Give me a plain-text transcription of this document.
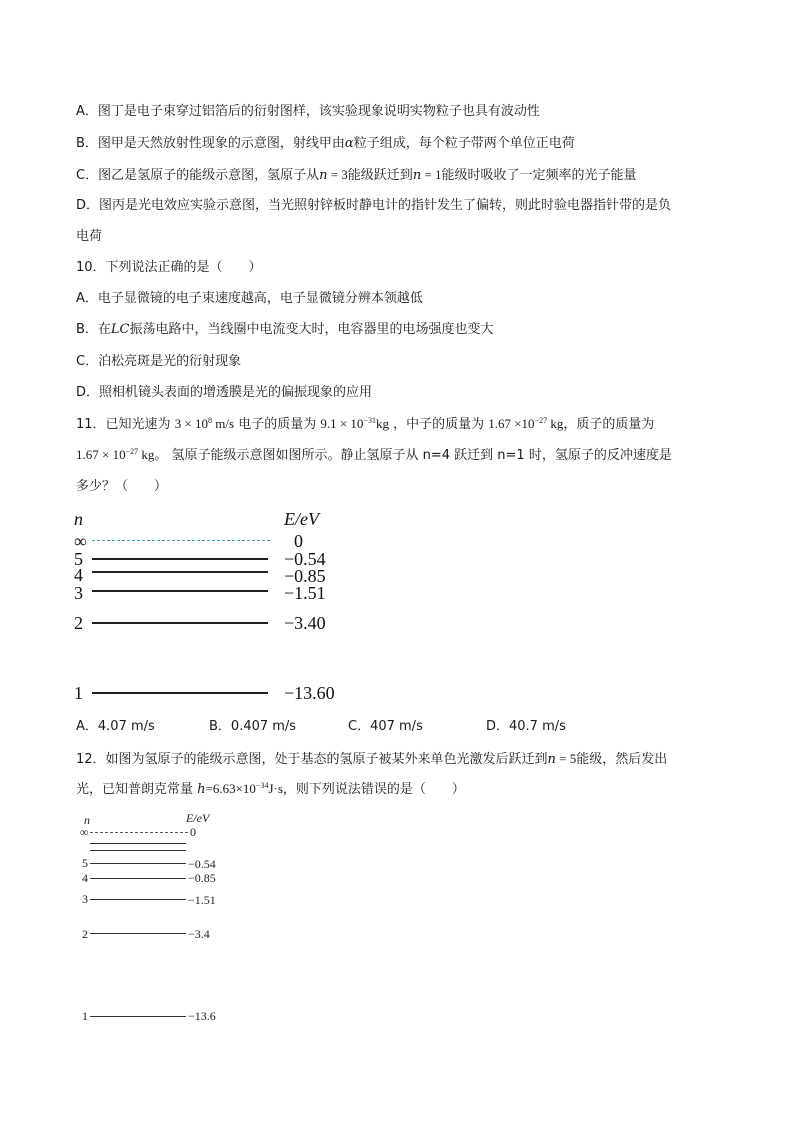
A．图丁是电子束穿过铝箔后的衍射图样，该实验现象说明实物粒子也具有波动性
B．图甲是天然放射性现象的示意图，射线甲由α粒子组成，每个粒子带两个单位正电荷
C．图乙是氢原子的能级示意图，氢原子从n = 3能级跃迁到n = 1能级时吸收了一定频率的光子能量
D．图丙是光电效应实验示意图，当光照射锌板时静电计的指针发生了偏转，则此时验电器指针带的是负
电荷
10．下列说法正确的是（　　）
A．电子显微镜的电子束速度越高，电子显微镜分辨本领越低
B．在LC振荡电路中，当线圈中电流变大时，电容器里的电场强度也变大
C．泊松亮斑是光的衍射现象
D．照相机镜头表面的增透膜是光的偏振现象的应用
11．已知光速为 $3 \times 10^8$ m/s 电子的质量为 $9.1 \times 10^{-31}kg$ ，中子的质量为 $1.67 \times 10^{-27}$ kg，质子的质量为
$1.67 \times 10^{-27}$ kg。 氢原子能级示意图如图所示。静止氢原子从 n=4 跃迁到 n=1 时，氢原子的反冲速度是
多少？（　　）
n	E/eV
∞	0
5	−0.54
4	−0.85
3	−1.51
2	−3.40
1	−13.60
A．4.07 m/s	B．0.407 m/s	C．407 m/s	D．40.7 m/s
12．如图为氢原子的能级示意图，处于基态的氢原子被某外来单色光激发后跃迁到n = 5能级，然后发出
光，已知普朗克常量 $h=6.63\times 10^{-34}J\cdot s$，则下列说法错误的是（　　）
n	E/eV
∞	0
5	−0.54
4	−0.85
3	−1.51
2	−3.4
1	−13.6
